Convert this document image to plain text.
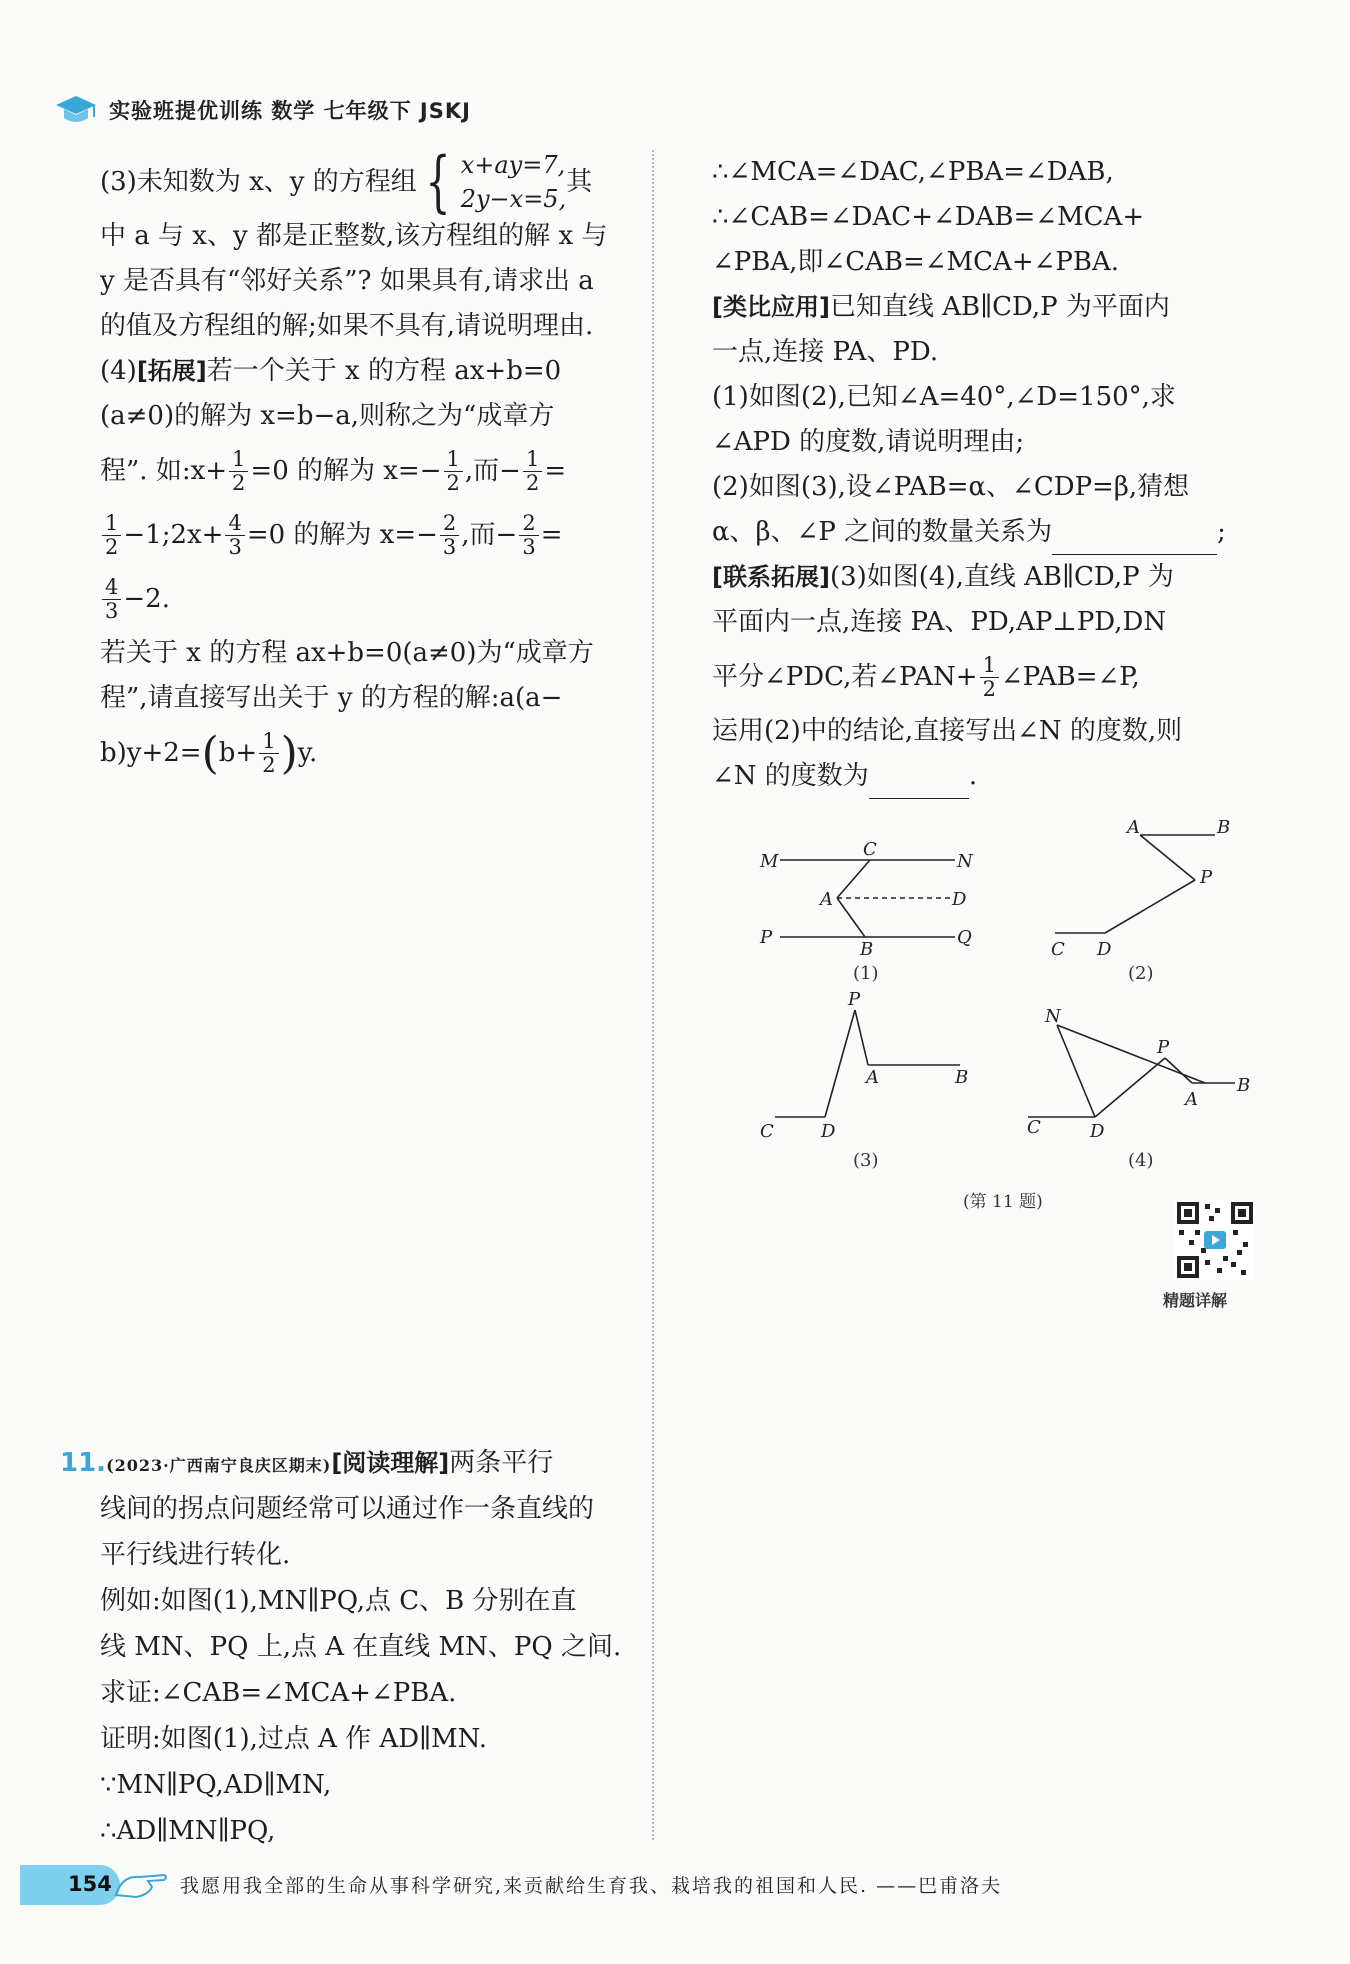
实验班提优训练 数学 七年级下 JSKJ
(3)未知数为 x、y 的方程组 { x+ay=7,
2y−x=5,
其
中 a 与 x、y 都是正整数,该方程组的解 x 与
y 是否具有“邻好关系”? 如果具有,请求出 a
的值及方程组的解;如果不具有,请说明理由.
(4)[拓展]若一个关于 x 的方程 ax+b=0
(a≠0)的解为 x=b−a,则称之为“成章方
程”. 如:x+ $\frac{1}{2} =0$ 的解为 $x=- \frac{1}{2}$ ,而− $\frac{1}{2}$ =
$\frac{1}{2}$ −1;2x+ $\frac{4}{3} =0$ 的解为 $x=- \frac{2}{3}$ ,而− $\frac{2}{3}$ =
$\frac{4}{3} -2$.
若关于 x 的方程 ax+b=0(a≠0)为“成章方
程”,请直接写出关于 y 的方程的解:a(a−
b)y+2= ( $b+ \frac{1}{2}$ ) y.
11.(2023·广西南宁良庆区期末)[阅读理解]两条平行
线间的拐点问题经常可以通过作一条直线的
平行线进行转化.
例如:如图(1),MN∥PQ,点 C、B 分别在直
线 MN、PQ 上,点 A 在直线 MN、PQ 之间.
求证:∠CAB=∠MCA+∠PBA.
证明:如图(1),过点 A 作 AD∥MN.
∵MN∥PQ,AD∥MN,
∴AD∥MN∥PQ,
∴∠MCA=∠DAC,∠PBA=∠DAB,
∴∠CAB=∠DAC+∠DAB=∠MCA+
∠PBA,即∠CAB=∠MCA+∠PBA.
[类比应用]已知直线 AB∥CD,P 为平面内
一点,连接 PA、PD.
(1)如图(2),已知∠A=40°,∠D=150°,求
∠APD 的度数,请说明理由;
(2)如图(3),设∠PAB=α、∠CDP=β,猜想
α、β、∠P 之间的数量关系为	;
[联系拓展](3)如图(4),直线 AB∥CD,P 为
平面内一点,连接 PA、PD,AP⊥PD,DN
平分∠PDC,若∠PAN+ $\frac{1}{2}$ ∠PAB=∠P,
运用(2)中的结论,直接写出∠N 的度数,则
∠N 的度数为	.
M
C
N
A	D
P
B
Q
A	B
P
C D
P
A	B
C	D
N
P
A
B
C	D
(1)	(2)
(3)	(4)
(第 11 题)
精题详解
154	我愿用我全部的生命从事科学研究,来贡献给生育我、栽培我的祖国和人民. ——巴甫洛夫
